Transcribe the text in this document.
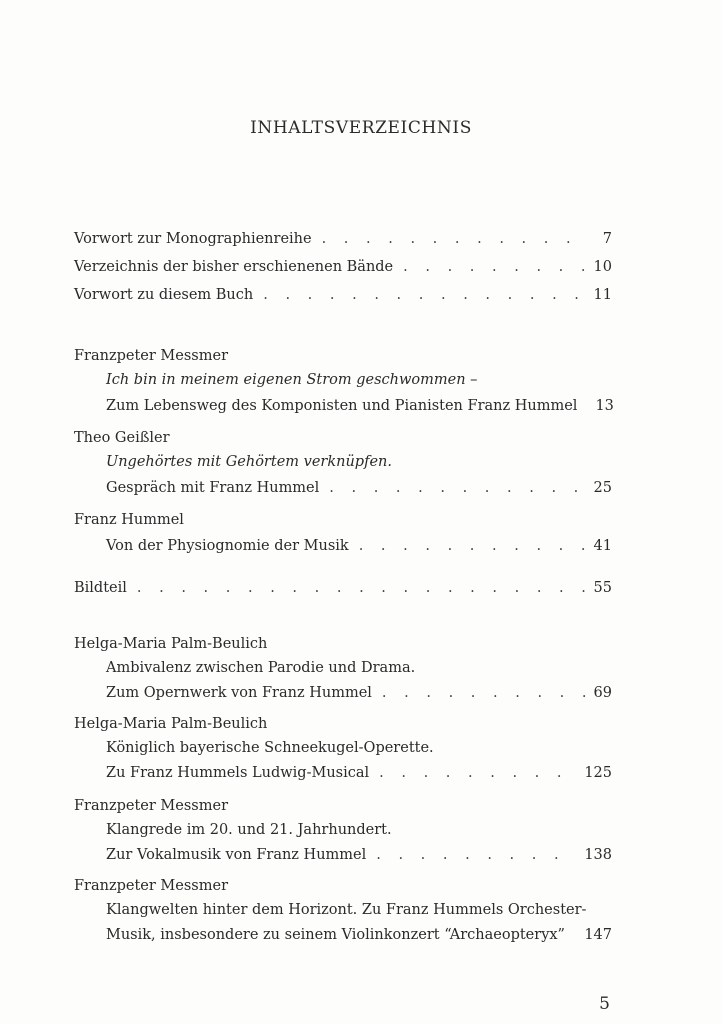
INHALTSVERZEICHNIS
Vorwort zur Monographienreihe . . .	7
Verzeichnis der bisher erschienenen Bände . . .	10
Vorwort zu diesem Buch . . .	11
Franzpeter Messmer
Ich bin in meinem eigenen Strom geschwommen –
Zum Lebensweg des Komponisten und Pianisten Franz Hummel 13
Theo Geißler
Ungehörtes mit Gehörtem verknüpfen.
Gespräch mit Franz Hummel . . .	25
Franz Hummel
Von der Physiognomie der Musik . . .	41
Bildteil . . .	55
Helga-Maria Palm-Beulich
Ambivalenz zwischen Parodie und Drama.
Zum Opernwerk von Franz Hummel . . .	69
Helga-Maria Palm-Beulich
Königlich bayerische Schneekugel-Operette.
Zu Franz Hummels Ludwig-Musical . . .	125
Franzpeter Messmer
Klangrede im 20. und 21. Jahrhundert.
Zur Vokalmusik von Franz Hummel . . .	138
Franzpeter Messmer
Klangwelten hinter dem Horizont. Zu Franz Hummels Orchester-
Musik, insbesondere zu seinem Violinkonzert “Archaeopteryx” . . . 147
5
